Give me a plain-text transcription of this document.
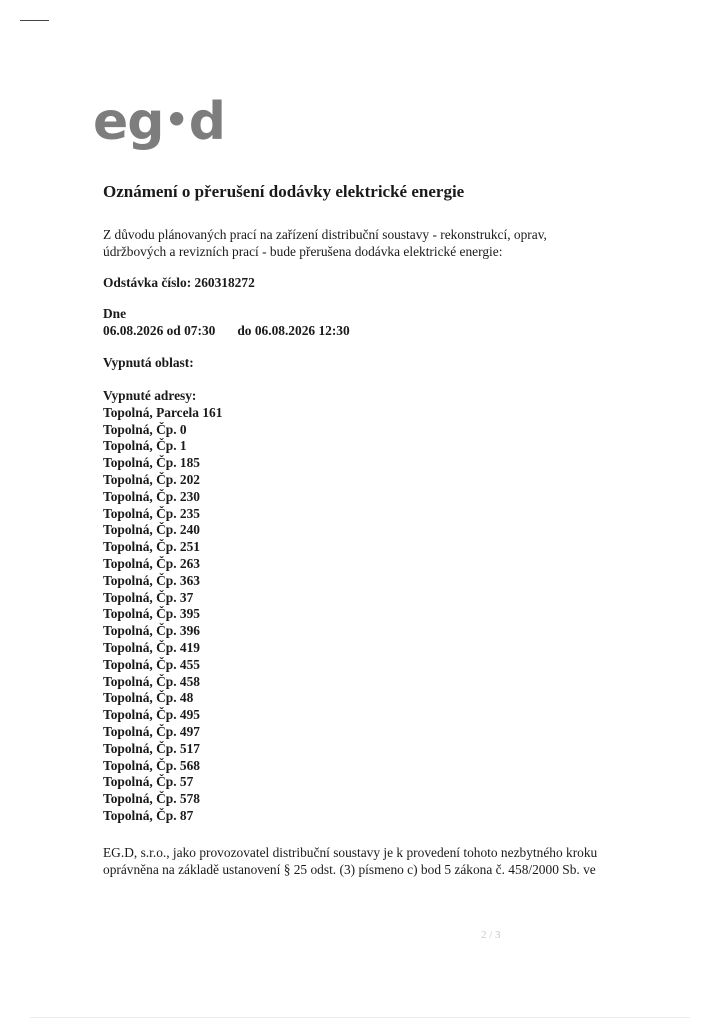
eg•d
Oznámení o přerušení dodávky elektrické energie

Z důvodu plánovaných prací na zařízení distribuční soustavy - rekonstrukcí, oprav,

údržbových a revizních prací - bude přerušena dodávka elektrické energie:

Odstávka číslo: 260318272

Dne

06.08.2026 od 07:30 do 06.08.2026 12:30

Vypnutá oblast:

Vypnuté adresy:
Topolná, Parcela 161
Topolná, Čp. 0
Topolná, Čp. 1
Topolná, Čp. 185
Topolná, Čp. 202
Topolná, Čp. 230
Topolná, Čp. 235
Topolná, Čp. 240
Topolná, Čp. 251
Topolná, Čp. 263
Topolná, Čp. 363
Topolná, Čp. 37
Topolná, Čp. 395
Topolná, Čp. 396
Topolná, Čp. 419
Topolná, Čp. 455
Topolná, Čp. 458
Topolná, Čp. 48
Topolná, Čp. 495
Topolná, Čp. 497
Topolná, Čp. 517
Topolná, Čp. 568
Topolná, Čp. 57
Topolná, Čp. 578
Topolná, Čp. 87

EG.D, s.r.o., jako provozovatel distribuční soustavy je k provedení tohoto nezbytného kroku

oprávněna na základě ustanovení § 25 odst. (3) písmeno c) bod 5 zákona č. 458/2000 Sb. ve

2 / 3
